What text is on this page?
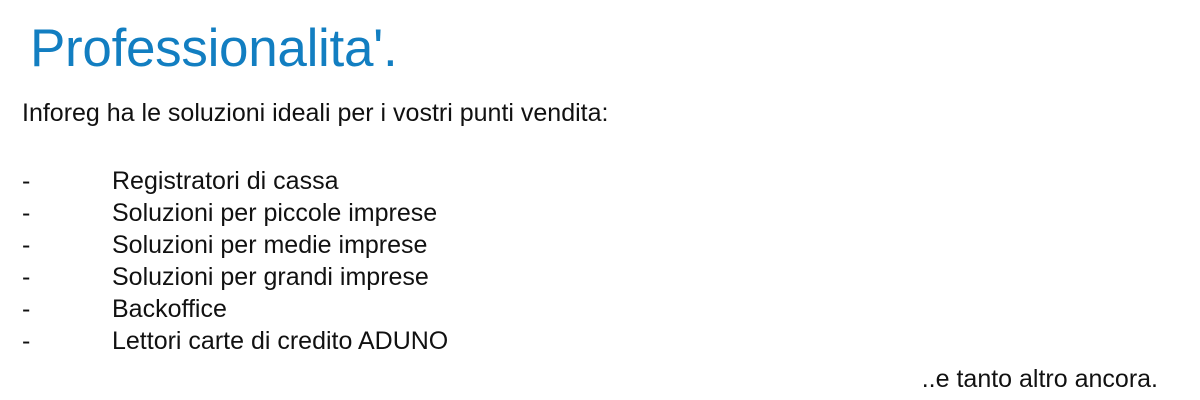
Professionalita'.

Inforeg ha le soluzioni ideali per i vostri punti vendita:

-	Registratori di cassa
-	Soluzioni per piccole imprese
-	Soluzioni per medie imprese
-	Soluzioni per grandi imprese
-	Backoffice
-	Lettori carte di credito ADUNO

..e tanto altro ancora.
